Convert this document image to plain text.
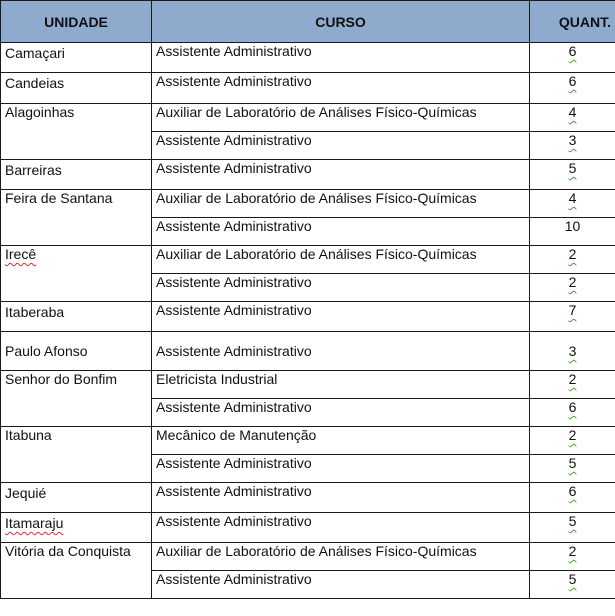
UNIDADE	CURSO	QUANT.
Camaçari	Assistente Administrativo	6
Candeias	Assistente Administrativo	6
Alagoinhas	Auxiliar de Laboratório de Análises Físico-Químicas	4
	Assistente Administrativo	3
Barreiras	Assistente Administrativo	5
Feira de Santana	Auxiliar de Laboratório de Análises Físico-Químicas	4
	Assistente Administrativo	10
Irecê	Auxiliar de Laboratório de Análises Físico-Químicas	2
	Assistente Administrativo	2
Itaberaba	Assistente Administrativo	7
Paulo Afonso	Assistente Administrativo	3
Senhor do Bonfim	Eletricista Industrial	2
	Assistente Administrativo	6
Itabuna	Mecânico de Manutenção	2
	Assistente Administrativo	5
Jequié	Assistente Administrativo	6
Itamaraju	Assistente Administrativo	5
Vitória da Conquista	Auxiliar de Laboratório de Análises Físico-Químicas	2
	Assistente Administrativo	5
